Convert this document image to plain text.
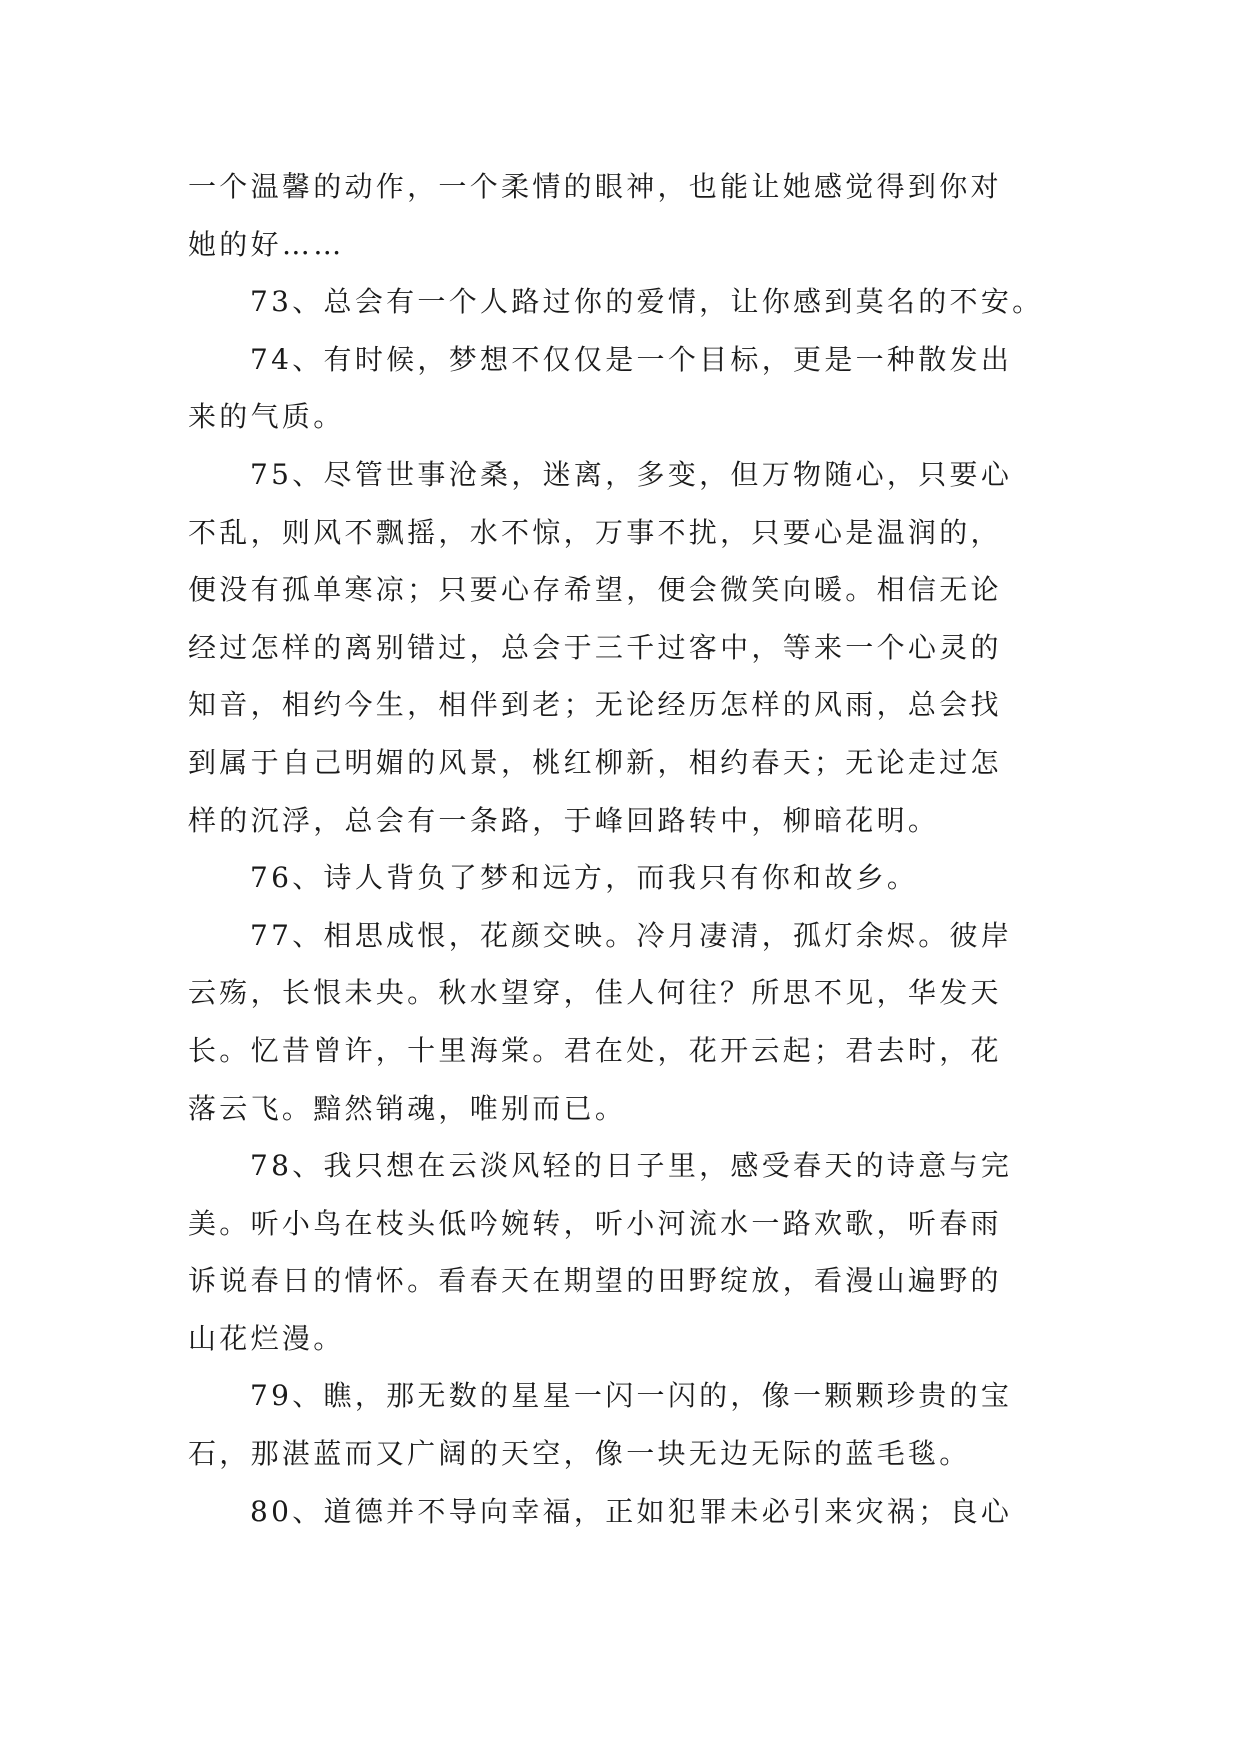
一个温馨的动作，一个柔情的眼神，也能让她感觉得到你对
她的好……
73、总会有一个人路过你的爱情，让你感到莫名的不安。
74、有时候，梦想不仅仅是一个目标，更是一种散发出
来的气质。
75、尽管世事沧桑，迷离，多变，但万物随心，只要心
不乱，则风不飘摇，水不惊，万事不扰，只要心是温润的，
便没有孤单寒凉；只要心存希望，便会微笑向暖。相信无论
经过怎样的离别错过，总会于三千过客中，等来一个心灵的
知音，相约今生，相伴到老；无论经历怎样的风雨，总会找
到属于自己明媚的风景，桃红柳新，相约春天；无论走过怎
样的沉浮，总会有一条路，于峰回路转中，柳暗花明。
76、诗人背负了梦和远方，而我只有你和故乡。
77、相思成恨，花颜交映。冷月凄清，孤灯余烬。彼岸
云殇，长恨未央。秋水望穿，佳人何往？所思不见，华发天
长。忆昔曾许，十里海棠。君在处，花开云起；君去时，花
落云飞。黯然销魂，唯别而已。
78、我只想在云淡风轻的日子里，感受春天的诗意与完
美。听小鸟在枝头低吟婉转，听小河流水一路欢歌，听春雨
诉说春日的情怀。看春天在期望的田野绽放，看漫山遍野的
山花烂漫。
79、瞧，那无数的星星一闪一闪的，像一颗颗珍贵的宝
石，那湛蓝而又广阔的天空，像一块无边无际的蓝毛毯。
80、道德并不导向幸福，正如犯罪未必引来灾祸；良心
